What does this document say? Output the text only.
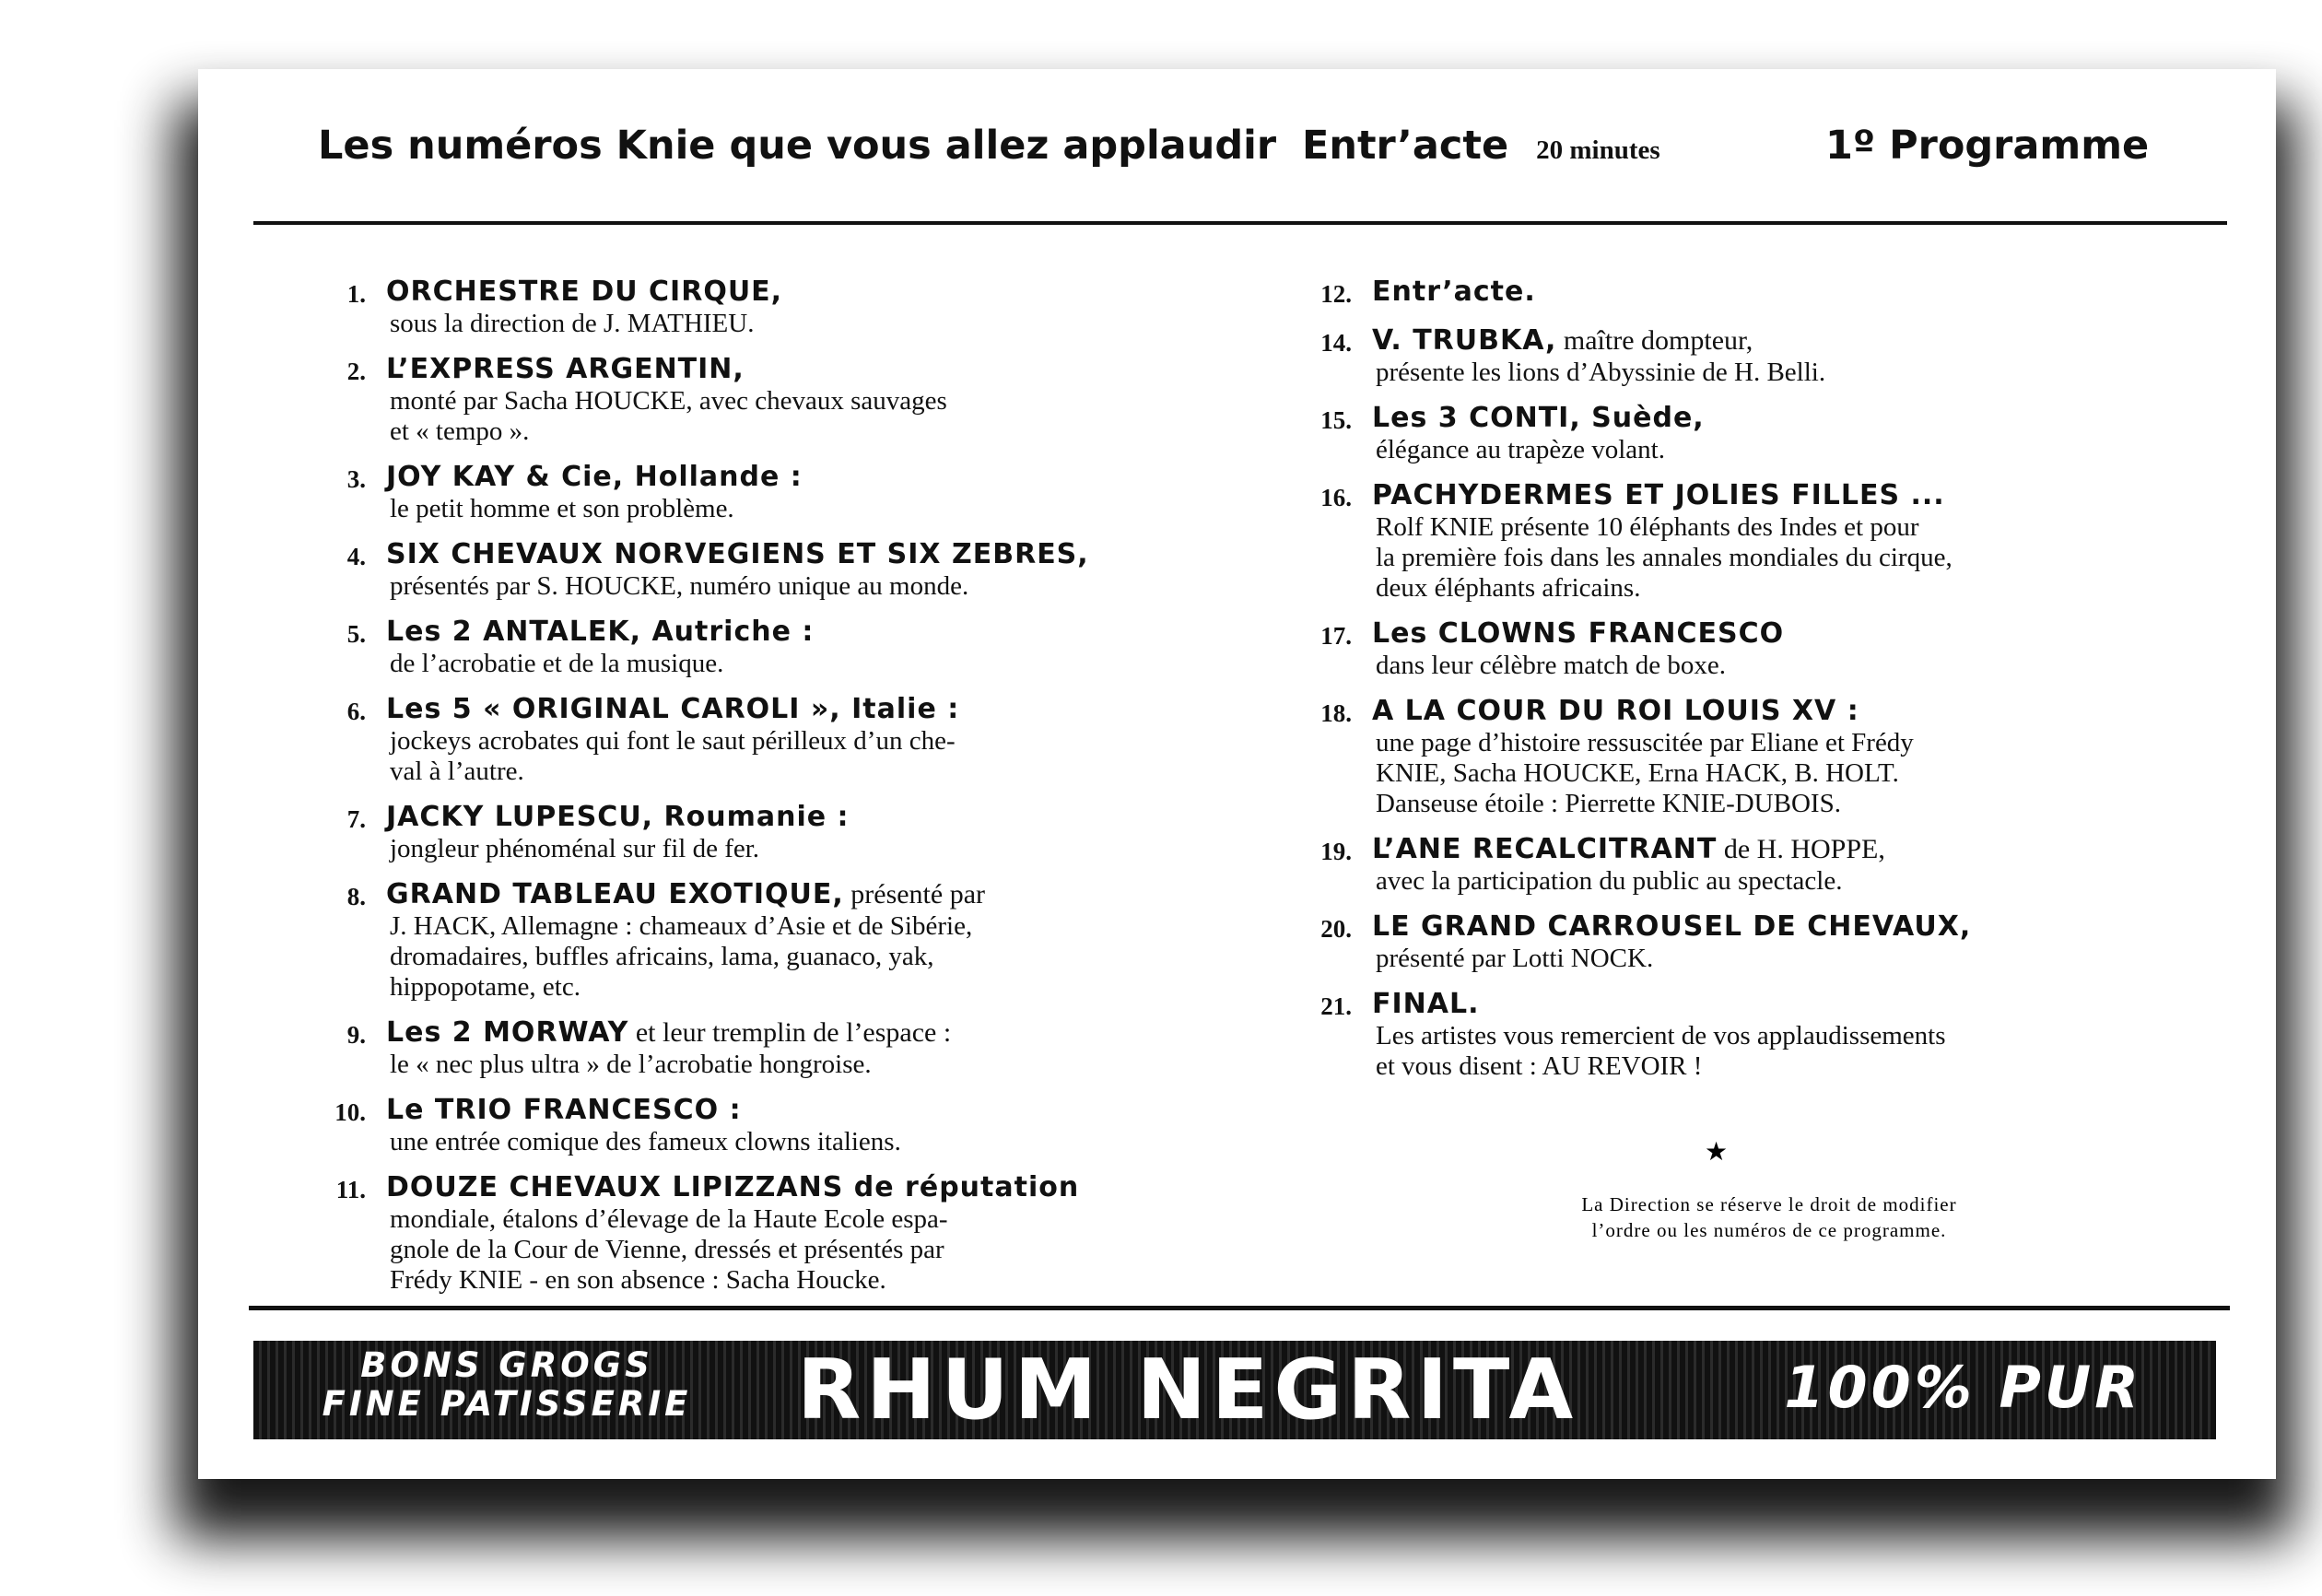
Les numéros Knie que vous allez applaudir Entr’acte 20 minutes	1º Programme
1. ORCHESTRE DU CIRQUE,
sous la direction de J. MATHIEU.
2. L’EXPRESS ARGENTIN,
monté par Sacha HOUCKE, avec chevaux sauvages
et « tempo ».
3. JOY KAY & Cie, Hollande :
le petit homme et son problème.
4. SIX CHEVAUX NORVEGIENS ET SIX ZEBRES,
présentés par S. HOUCKE, numéro unique au monde.
5. Les 2 ANTALEK, Autriche :
de l’acrobatie et de la musique.
6. Les 5 « ORIGINAL CAROLI », Italie :
jockeys acrobates qui font le saut périlleux d’un che-
val à l’autre.
7. JACKY LUPESCU, Roumanie :
jongleur phénoménal sur fil de fer.
8. GRAND TABLEAU EXOTIQUE, présenté par
J. HACK, Allemagne : chameaux d’Asie et de Sibérie,
dromadaires, buffles africains, lama, guanaco, yak,
hippopotame, etc.
9. Les 2 MORWAY et leur tremplin de l’espace :
le « nec plus ultra » de l’acrobatie hongroise.
10. Le TRIO FRANCESCO :
une entrée comique des fameux clowns italiens.
11. DOUZE CHEVAUX LIPIZZANS de réputation
mondiale, étalons d’élevage de la Haute Ecole espa-
gnole de la Cour de Vienne, dressés et présentés par
Frédy KNIE - en son absence : Sacha Houcke.
12. Entr’acte.
14. V. TRUBKA, maître dompteur,
présente les lions d’Abyssinie de H. Belli.
15. Les 3 CONTI, Suède,
élégance au trapèze volant.
16. PACHYDERMES ET JOLIES FILLES ...
Rolf KNIE présente 10 éléphants des Indes et pour
la première fois dans les annales mondiales du cirque,
deux éléphants africains.
17. Les CLOWNS FRANCESCO
dans leur célèbre match de boxe.
18. A LA COUR DU ROI LOUIS XV :
une page d’histoire ressuscitée par Eliane et Frédy
KNIE, Sacha HOUCKE, Erna HACK, B. HOLT.
Danseuse étoile : Pierrette KNIE-DUBOIS.
19. L’ANE RECALCITRANT de H. HOPPE,
avec la participation du public au spectacle.
20. LE GRAND CARROUSEL DE CHEVAUX,
présenté par Lotti NOCK.
21. FINAL.
Les artistes vous remercient de vos applaudissements
et vous disent : AU REVOIR !
★
La Direction se réserve le droit de modifier
l’ordre ou les numéros de ce programme.
BONS GROGS
FINE PATISSERIE	RHUM NEGRITA	100% PUR
